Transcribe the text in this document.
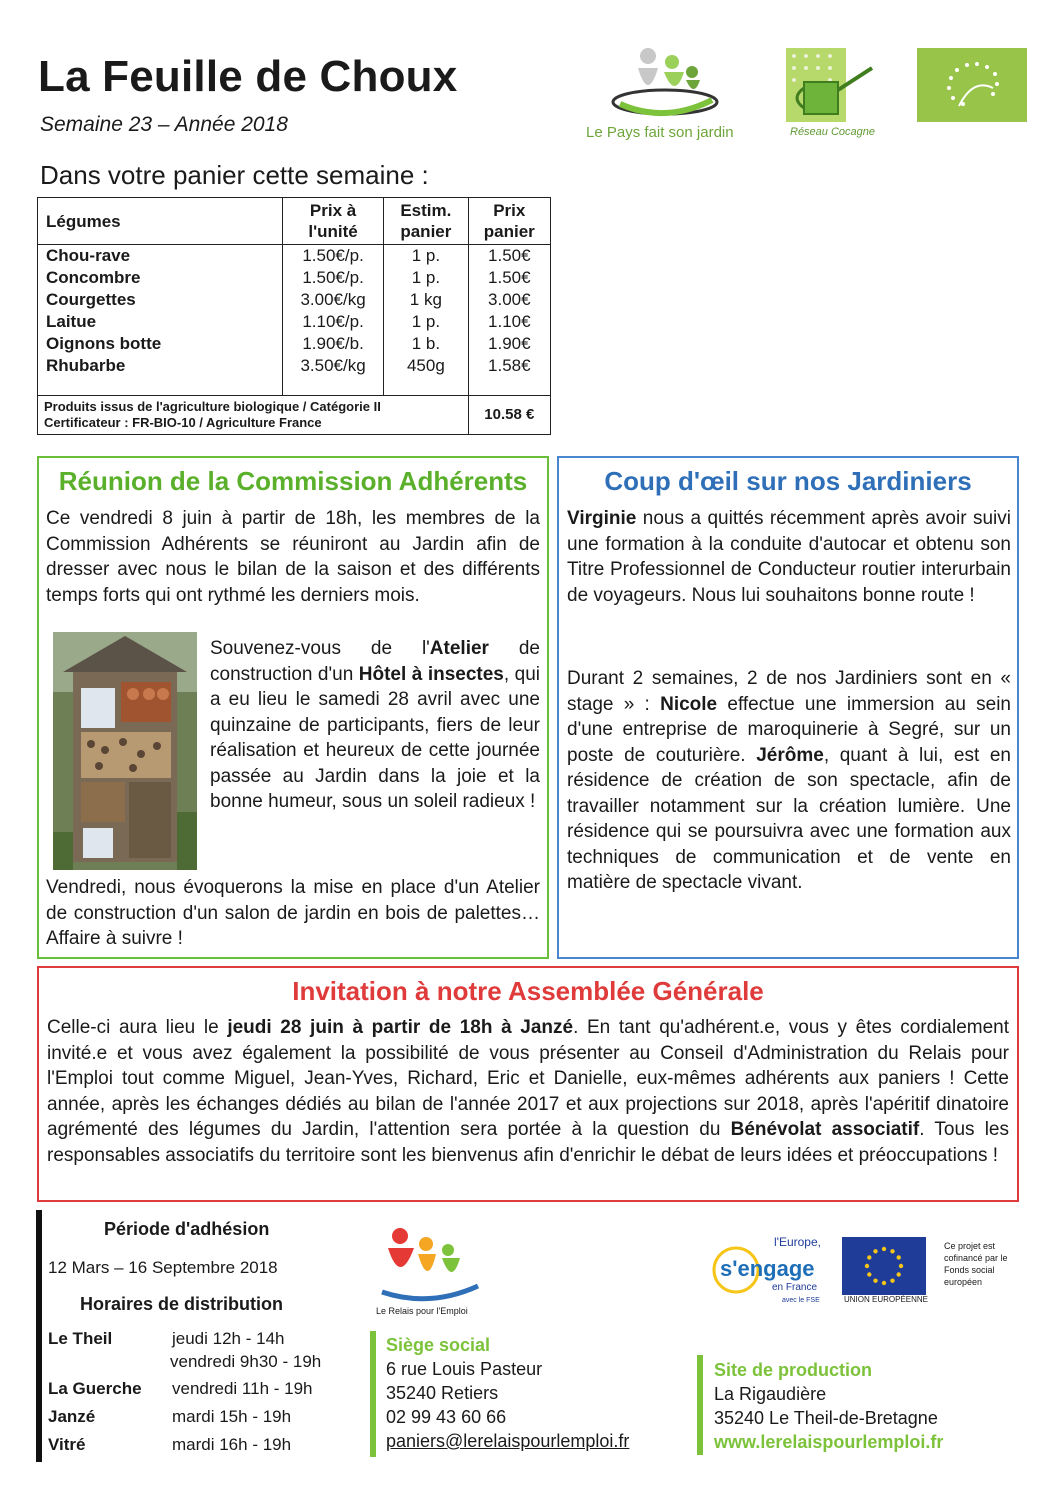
La Feuille de Choux
Semaine 23 – Année 2018
Dans votre panier cette semaine :
Le Pays fait son jardin	Réseau Cocagne
Légumes	Prix à l'unité	Estim. panier	Prix panier
Chou-rave	1.50€/p.	1 p.	1.50€
Concombre	1.50€/p.	1 p.	1.50€
Courgettes	3.00€/kg	1 kg	3.00€
Laitue	1.10€/p.	1 p.	1.10€
Oignons botte	1.90€/b.	1 b.	1.90€
Rhubarbe	3.50€/kg	450g	1.58€

Produits issus de l'agriculture biologique / Catégorie II
Certificateur : FR-BIO-10 / Agriculture France			10.58 €
Réunion de la Commission Adhérents
Ce vendredi 8 juin à partir de 18h, les membres de la Commission Adhérents se réuniront au Jardin afin de dresser avec nous le bilan de la saison et des différents temps forts qui ont rythmé les derniers mois.
Souvenez-vous de l'Atelier de construction d'un Hôtel à insectes, qui a eu lieu le samedi 28 avril avec une quinzaine de participants, fiers de leur réalisation et heureux de cette journée passée au Jardin dans la joie et la bonne humeur, sous un soleil radieux !
Vendredi, nous évoquerons la mise en place d'un Atelier de construction d'un salon de jardin en bois de palettes… Affaire à suivre !
Coup d'œil sur nos Jardiniers
Virginie nous a quittés récemment après avoir suivi une formation à la conduite d'autocar et obtenu son Titre Professionnel de Conducteur routier interurbain de voyageurs. Nous lui souhaitons bonne route !
Durant 2 semaines, 2 de nos Jardiniers sont en « stage » : Nicole effectue une immersion au sein d'une entreprise de maroquinerie à Segré, sur un poste de couturière. Jérôme, quant à lui, est en résidence de création de son spectacle, afin de travailler notamment sur la création lumière. Une résidence qui se poursuivra avec une formation aux techniques de communication et de vente en matière de spectacle vivant.
Invitation à notre Assemblée Générale
Celle-ci aura lieu le jeudi 28 juin à partir de 18h à Janzé. En tant qu'adhérent.e, vous y êtes cordialement invité.e et vous avez également la possibilité de vous présenter au Conseil d'Administration du Relais pour l'Emploi tout comme Miguel, Jean-Yves, Richard, Eric et Danielle, eux-mêmes adhérents aux paniers ! Cette année, après les échanges dédiés au bilan de l'année 2017 et aux projections sur 2018, après l'apéritif dinatoire agrémenté des légumes du Jardin, l'attention sera portée à la question du Bénévolat associatif. Tous les responsables associatifs du territoire sont les bienvenus afin d'enrichir le débat de leurs idées et préoccupations !
Période d'adhésion
12 Mars – 16 Septembre 2018
Horaires de distribution
Le Theil	jeudi 12h - 14h
vendredi 9h30 - 19h
La Guerche vendredi 11h - 19h
Janzé	mardi 15h - 19h
Vitré	mardi 16h - 19h
Le Relais pour l'Emploi
Siège social
6 rue Louis Pasteur
35240 Retiers
02 99 43 60 66
paniers@lerelaispourlemploi.fr
Site de production
La Rigaudière
35240 Le Theil-de-Bretagne
www.lerelaispourlemploi.fr
l'Europe,
s'engage
en France
avec le FSE	UNION EUROPÉENNE
Ce projet est cofinancé par le Fonds social européen
